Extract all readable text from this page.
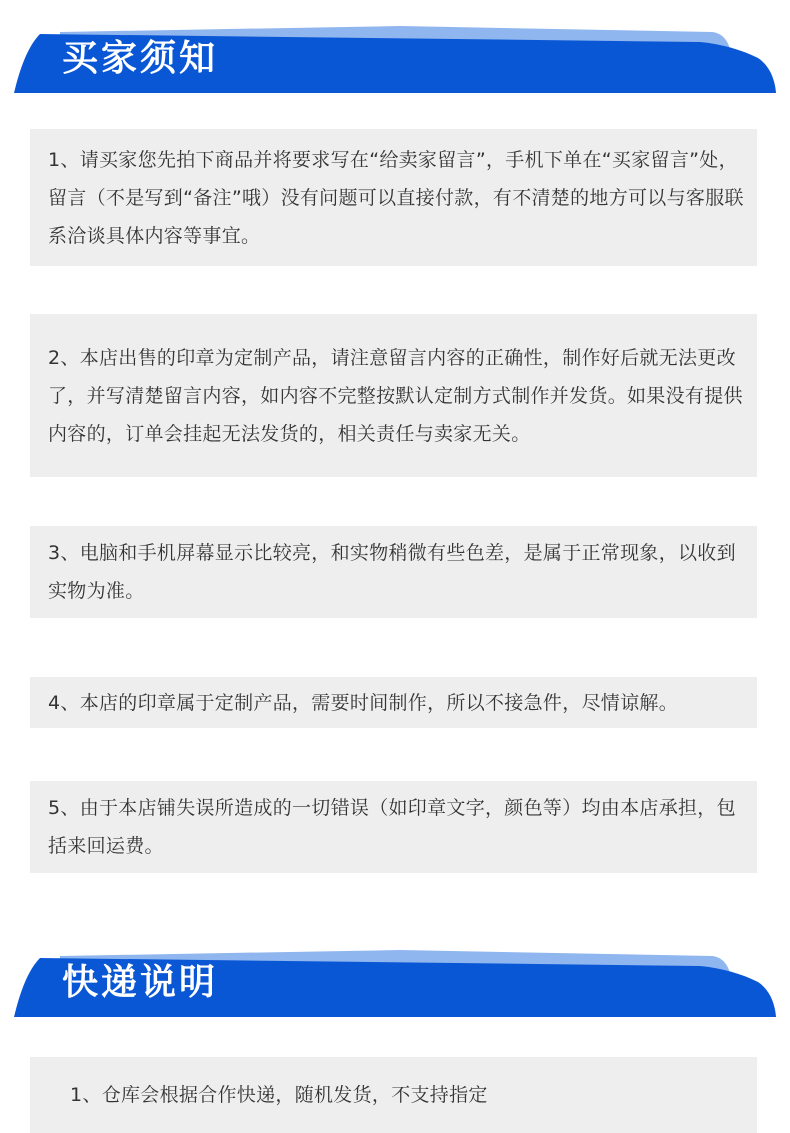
买家须知

1、请买家您先拍下商品并将要求写在“给卖家留言”，手机下单在“买家留言”处，留言（不是写到“备注”哦）没有问题可以直接付款，有不清楚的地方可以与客服联系洽谈具体内容等事宜。

2、本店出售的印章为定制产品，请注意留言内容的正确性，制作好后就无法更改了，并写清楚留言内容，如内容不完整按默认定制方式制作并发货。如果没有提供内容的，订单会挂起无法发货的，相关责任与卖家无关。

3、电脑和手机屏幕显示比较亮，和实物稍微有些色差，是属于正常现象，以收到实物为准。

4、本店的印章属于定制产品，需要时间制作，所以不接急件，尽情谅解。

5、由于本店铺失误所造成的一切错误（如印章文字，颜色等）均由本店承担，包括来回运费。

快递说明

1、仓库会根据合作快递，随机发货，不支持指定
